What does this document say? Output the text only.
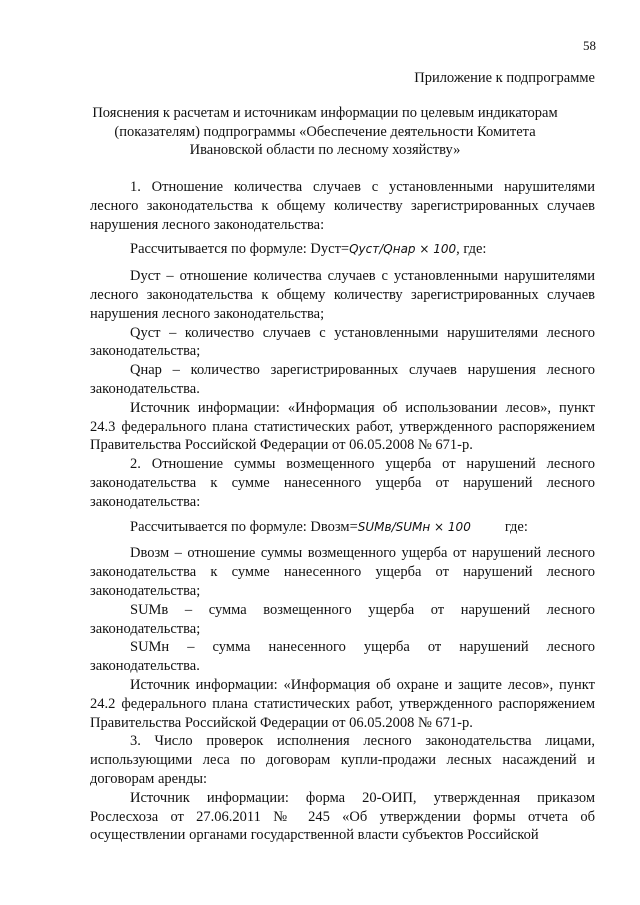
58
Приложение к подпрограмме
Пояснения к расчетам и источникам информации по целевым индикаторам (показателям) подпрограммы «Обеспечение деятельности Комитета Ивановской области по лесному хозяйству»

1. Отношение количества случаев с установленными нарушителями лесного законодательства к общему количеству зарегистрированных случаев нарушения лесного законодательства:

Рассчитывается по формуле: Dуст=Qуст/Qнар × 100, где:

Dуст – отношение количества случаев с установленными нарушителями лесного законодательства к общему количеству зарегистрированных случаев нарушения лесного законодательства;

Qуст – количество случаев с установленными нарушителями лесного законодательства;

Qнар – количество зарегистрированных случаев нарушения лесного законодательства.

Источник информации: «Информация об использовании лесов», пункт 24.3 федерального плана статистических работ, утвержденного распоряжением Правительства Российской Федерации от 06.05.2008 № 671-р.

2. Отношение суммы возмещенного ущерба от нарушений лесного законодательства к сумме нанесенного ущерба от нарушений лесного законодательства:

Рассчитывается по формуле: Dвозм=SUMв/SUMн × 100 где:

Dвозм – отношение суммы возмещенного ущерба от нарушений лесного законодательства к сумме нанесенного ущерба от нарушений лесного законодательства;

SUMв – сумма возмещенного ущерба от нарушений лесного законодательства;

SUMн – сумма нанесенного ущерба от нарушений лесного законодательства.

Источник информации: «Информация об охране и защите лесов», пункт 24.2 федерального плана статистических работ, утвержденного распоряжением Правительства Российской Федерации от 06.05.2008 № 671-р.

3. Число проверок исполнения лесного законодательства лицами, использующими леса по договорам купли-продажи лесных насаждений и договорам аренды:

Источник информации: форма 20-ОИП, утвержденная приказом Рослесхоза от 27.06.2011 № 245 «Об утверждении формы отчета об осуществлении органами государственной власти субъектов Российской
